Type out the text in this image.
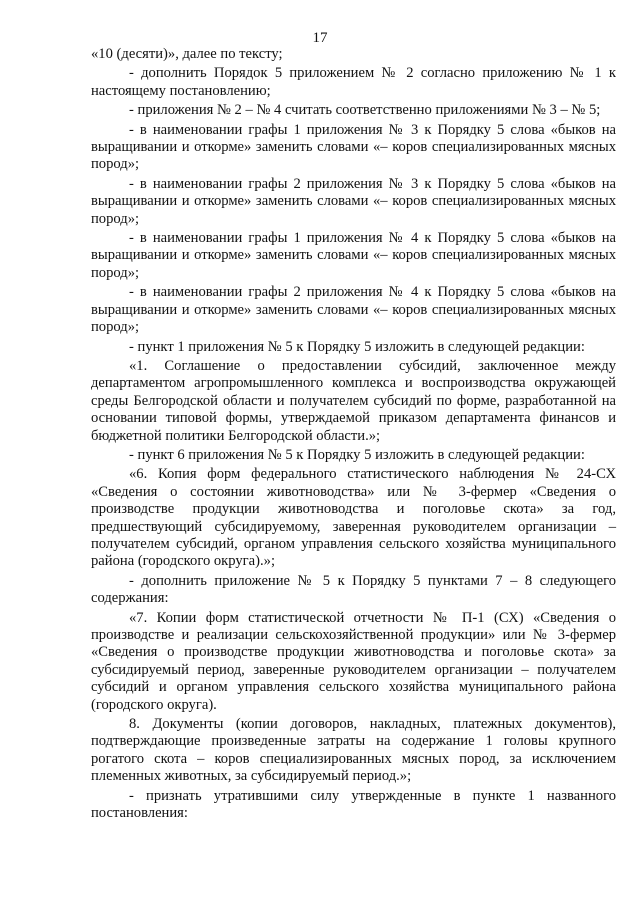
17

«10 (десяти)», далее по тексту;

- дополнить Порядок 5 приложением № 2 согласно приложению № 1 к настоящему постановлению;

- приложения № 2 – № 4 считать соответственно приложениями № 3 – № 5;

- в наименовании графы 1 приложения № 3 к Порядку 5 слова «быков на выращивании и откорме» заменить словами «– коров специализированных мясных пород»;

- в наименовании графы 2 приложения № 3 к Порядку 5 слова «быков на выращивании и откорме» заменить словами «– коров специализированных мясных пород»;

- в наименовании графы 1 приложения № 4 к Порядку 5 слова «быков на выращивании и откорме» заменить словами «– коров специализированных мясных пород»;

- в наименовании графы 2 приложения № 4 к Порядку 5 слова «быков на выращивании и откорме» заменить словами «– коров специализированных мясных пород»;

- пункт 1 приложения № 5 к Порядку 5 изложить в следующей редакции:

«1. Соглашение о предоставлении субсидий, заключенное между департаментом агропромышленного комплекса и воспроизводства окружающей среды Белгородской области и получателем субсидий по форме, разработанной на основании типовой формы, утверждаемой приказом департамента финансов и бюджетной политики Белгородской области.»;

- пункт 6 приложения № 5 к Порядку 5 изложить в следующей редакции:

«6. Копия форм федерального статистического наблюдения № 24-СХ «Сведения о состоянии животноводства» или № 3-фермер «Сведения о производстве продукции животноводства и поголовье скота» за год, предшествующий субсидируемому, заверенная руководителем организации – получателем субсидий, органом управления сельского хозяйства муниципального района (городского округа).»;

- дополнить приложение № 5 к Порядку 5 пунктами 7 – 8 следующего содержания:

«7. Копии форм статистической отчетности № П-1 (СХ) «Сведения о производстве и реализации сельскохозяйственной продукции» или № 3-фермер «Сведения о производстве продукции животноводства и поголовье скота» за субсидируемый период, заверенные руководителем организации – получателем субсидий и органом управления сельского хозяйства муниципального района (городского округа).

8. Документы (копии договоров, накладных, платежных документов), подтверждающие произведенные затраты на содержание 1 головы крупного рогатого скота – коров специализированных мясных пород, за исключением племенных животных, за субсидируемый период.»;

- признать утратившими силу утвержденные в пункте 1 названного постановления:
